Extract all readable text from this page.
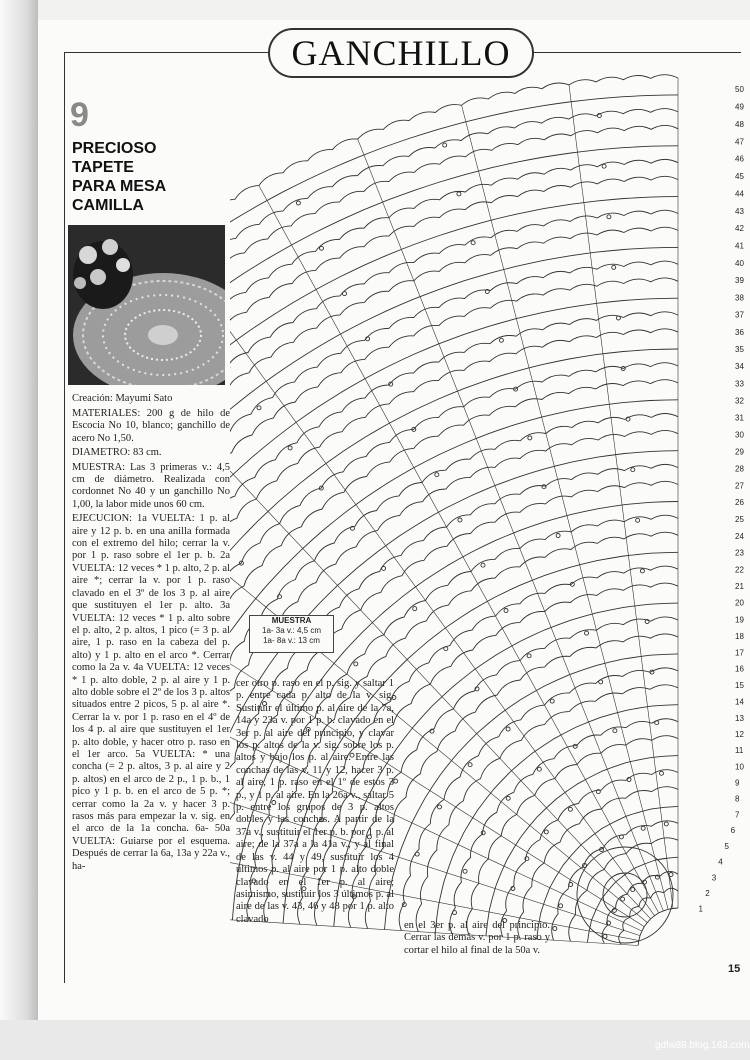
GANCHILLO
9
PRECIOSO
TAPETE
PARA MESA
CAMILLA
Creación: Mayumi Sato

MATERIALES: 200 g de hilo de Escocia No 10, blanco; ganchillo de acero No 1,50.

DIAMETRO: 83 cm.

MUESTRA: Las 3 primeras v.: 4,5 cm de diámetro. Realizada con cordonnet No 40 y un ganchillo No 1,00, la labor mide unos 60 cm.

EJECUCION: 1a VUELTA: 1 p. al aire y 12 p. b. en una anilla formada con el extremo del hilo; cerrar la v. por 1 p. raso sobre el 1er p. b. 2a VUELTA: 12 veces * 1 p. alto, 2 p. al aire *; cerrar la v. por 1 p. raso clavado en el 3º de los 3 p. al aire que sustituyen el 1er p. alto. 3a VUELTA: 12 veces * 1 p. alto sobre el p. alto, 2 p. altos, 1 pico (= 3 p. al aire, 1 p. raso en la cabeza del p. alto) y 1 p. alto en el arco *. Cerrar como la 2a v. 4a VUELTA: 12 veces * 1 p. alto doble, 2 p. al aire y 1 p. alto doble sobre el 2º de los 3 p. altos situados entre 2 picos, 5 p. al aire *. Cerrar la v. por 1 p. raso en el 4º de los 4 p. al aire que sustituyen el 1er p. alto doble, y hacer otro p. raso en el 1er arco. 5a VUELTA: * una concha (= 2 p. altos, 3 p. al aire y 2 p. altos) en el arco de 2 p., 1 p. b., 1 pico y 1 p. b. en el arco de 5 p. *; cerrar como la 2a v. y hacer 3 p. rasos más para empezar la v. sig. en el arco de la 1a concha. 6a- 50a VUELTA: Guiarse por el esquema. Después de cerrar la 6a, 13a y 22a v., ha-

cer otro p. raso en el p. sig. y saltar 1 p. entre cada p. alto de la v. sig. Sustituir el último p. al aire de la 7a, 14a y 23a v. por 1 p. b. clavado en el 3er p. al aire del principio, y clavar los p. altos de la v. sig. sobre los p. altos y bajo los p. al aire. Entre las conchas de las v. 11 y 12, hacer 3 p. al aire, 1 p. raso en el 1º de estos 3 p., y 1 p. al aire. En la 26a v., saltar 5 p. entre los grupos de 3 p. altos dobles y las conchas. A partir de la 37a v., sustituir el 1er p. b. por 1 p. al aire; de la 37a a la 41a v., y al final de las v. 44 y 49, sustituir los 4 últimos p. al aire por 1 p. alto doble clavado en el 1er p. al aire; asimismo, sustituir los 3 últimos p. al aire de las v. 43, 46 y 48 por 1 p. alto clavado

en el 3er p. al aire del principio. Cerrar las demás v. por 1 p. raso y cortar el hilo al final de la 50a v.

50
49
48
47
46
45
44
43
42
41
40
39
38
37
36
35
34
33
32
31
30
29
28
27
26
25
24
23
22
21
20
19
18
17
16
15
14
13
12
11
10
9
8
7
6
5
4
3
2
1
MUESTRA
1a- 3a v.: 4,5 cm
1a- 8a v.: 13 cm
15
gdlw88.blog.163.com
